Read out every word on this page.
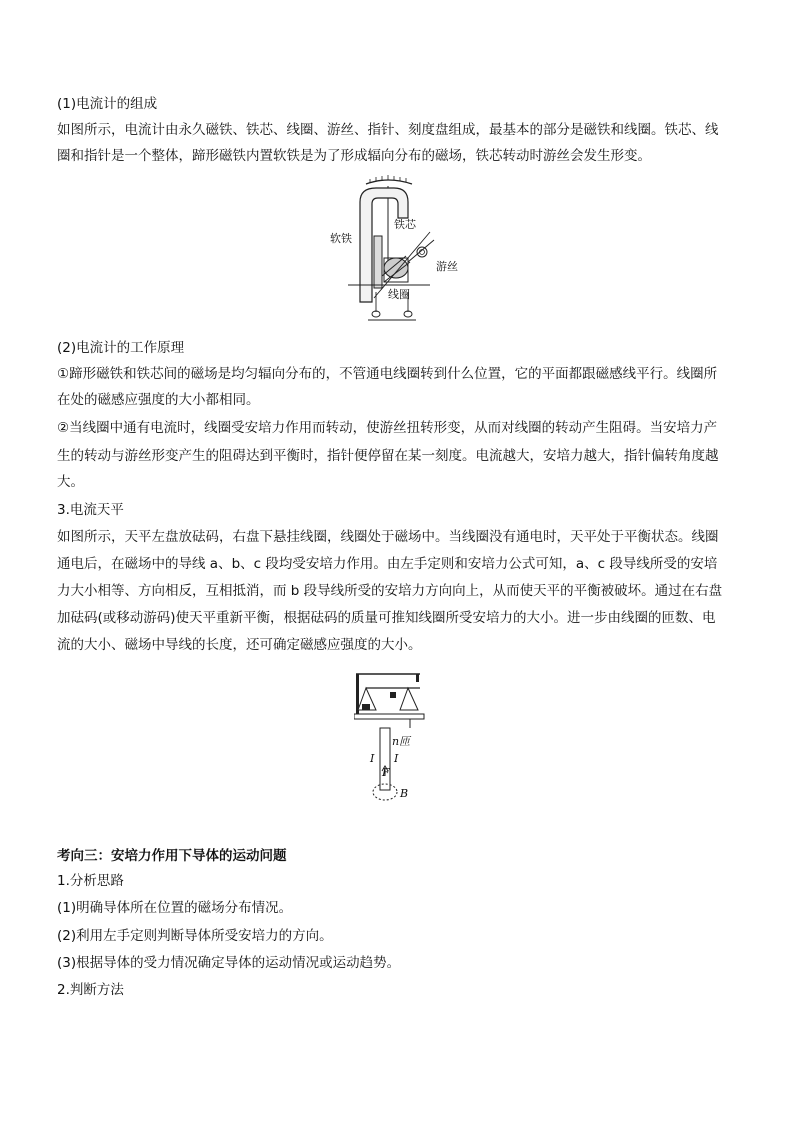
(1)电流计的组成
如图所示，电流计由永久磁铁、铁芯、线圈、游丝、指针、刻度盘组成，最基本的部分是磁铁和线圈。铁芯、线
圈和指针是一个整体，蹄形磁铁内置软铁是为了形成辐向分布的磁场，铁芯转动时游丝会发生形变。
软铁
铁芯
游丝
线圈
(2)电流计的工作原理
①蹄形磁铁和铁芯间的磁场是均匀辐向分布的，不管通电线圈转到什么位置，它的平面都跟磁感线平行。线圈所
在处的磁感应强度的大小都相同。
②当线圈中通有电流时，线圈受安培力作用而转动，使游丝扭转形变，从而对线圈的转动产生阻碍。当安培力产
生的转动与游丝形变产生的阻碍达到平衡时，指针便停留在某一刻度。电流越大，安培力越大，指针偏转角度越
大。
3.电流天平
如图所示，天平左盘放砝码，右盘下悬挂线圈，线圈处于磁场中。当线圈没有通电时，天平处于平衡状态。线圈
通电后，在磁场中的导线 a、b、c 段均受安培力作用。由左手定则和安培力公式可知，a、c 段导线所受的安培
力大小相等、方向相反，互相抵消，而 b 段导线所受的安培力方向向上，从而使天平的平衡被破坏。通过在右盘
加砝码(或移动游码)使天平重新平衡，根据砝码的质量可推知线圈所受安培力的大小。进一步由线圈的匝数、电
流的大小、磁场中导线的长度，还可确定磁感应强度的大小。
n匝
I I
F
B
考向三：安培力作用下导体的运动问题
1.分析思路
(1)明确导体所在位置的磁场分布情况。
(2)利用左手定则判断导体所受安培力的方向。
(3)根据导体的受力情况确定导体的运动情况或运动趋势。
2.判断方法
